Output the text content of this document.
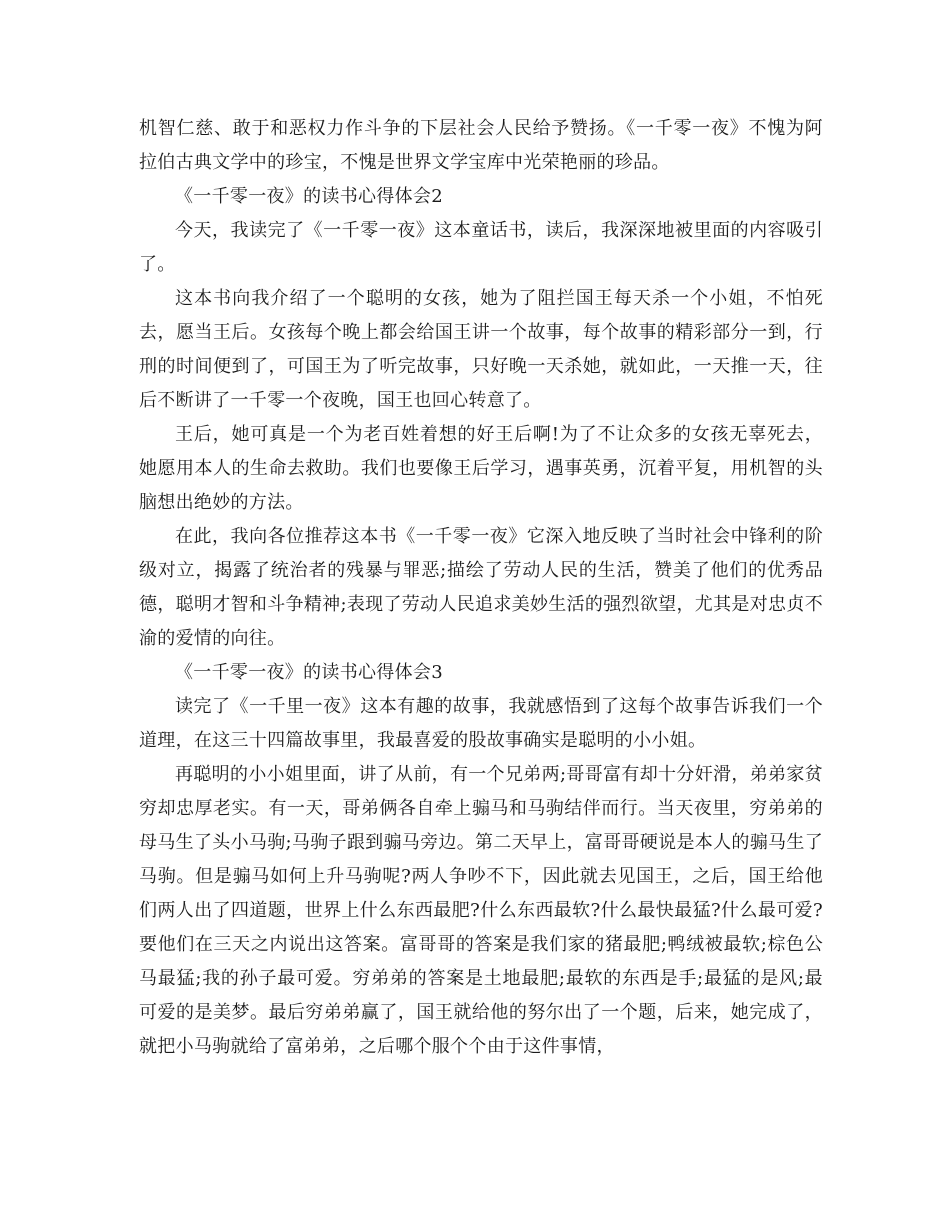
机智仁慈、敢于和恶权力作斗争的下层社会人民给予赞扬。《一千零一夜》不愧为阿拉伯古典文学中的珍宝，不愧是世界文学宝库中光荣艳丽的珍品。

《一千零一夜》的读书心得体会2

今天，我读完了《一千零一夜》这本童话书，读后，我深深地被里面的内容吸引了。

这本书向我介绍了一个聪明的女孩，她为了阻拦国王每天杀一个小姐，不怕死去，愿当王后。女孩每个晚上都会给国王讲一个故事，每个故事的精彩部分一到，行刑的时间便到了，可国王为了听完故事，只好晚一天杀她，就如此，一天推一天，往后不断讲了一千零一个夜晚，国王也回心转意了。

王后，她可真是一个为老百姓着想的好王后啊!为了不让众多的女孩无辜死去，她愿用本人的生命去救助。我们也要像王后学习，遇事英勇，沉着平复，用机智的头脑想出绝妙的方法。

在此，我向各位推荐这本书《一千零一夜》它深入地反映了当时社会中锋利的阶级对立，揭露了统治者的残暴与罪恶;描绘了劳动人民的生活，赞美了他们的优秀品德，聪明才智和斗争精神;表现了劳动人民追求美妙生活的强烈欲望，尤其是对忠贞不渝的爱情的向往。

《一千零一夜》的读书心得体会3

读完了《一千里一夜》这本有趣的故事，我就感悟到了这每个故事告诉我们一个道理，在这三十四篇故事里，我最喜爱的股故事确实是聪明的小小姐。

再聪明的小小姐里面，讲了从前，有一个兄弟两;哥哥富有却十分奸滑，弟弟家贫穷却忠厚老实。有一天，哥弟俩各自牵上骟马和马驹结伴而行。当天夜里，穷弟弟的母马生了头小马驹;马驹子跟到骟马旁边。第二天早上，富哥哥硬说是本人的骟马生了马驹。但是骟马如何上升马驹呢?两人争吵不下，因此就去见国王，之后，国王给他们两人出了四道题，世界上什么东西最肥?什么东西最软?什么最快最猛?什么最可爱?要他们在三天之内说出这答案。富哥哥的答案是我们家的猪最肥;鸭绒被最软;棕色公马最猛;我的孙子最可爱。穷弟弟的答案是土地最肥;最软的东西是手;最猛的是风;最可爱的是美梦。最后穷弟弟赢了，国王就给他的努尔出了一个题，后来，她完成了，就把小马驹就给了富弟弟，之后哪个服个个由于这件事情，
